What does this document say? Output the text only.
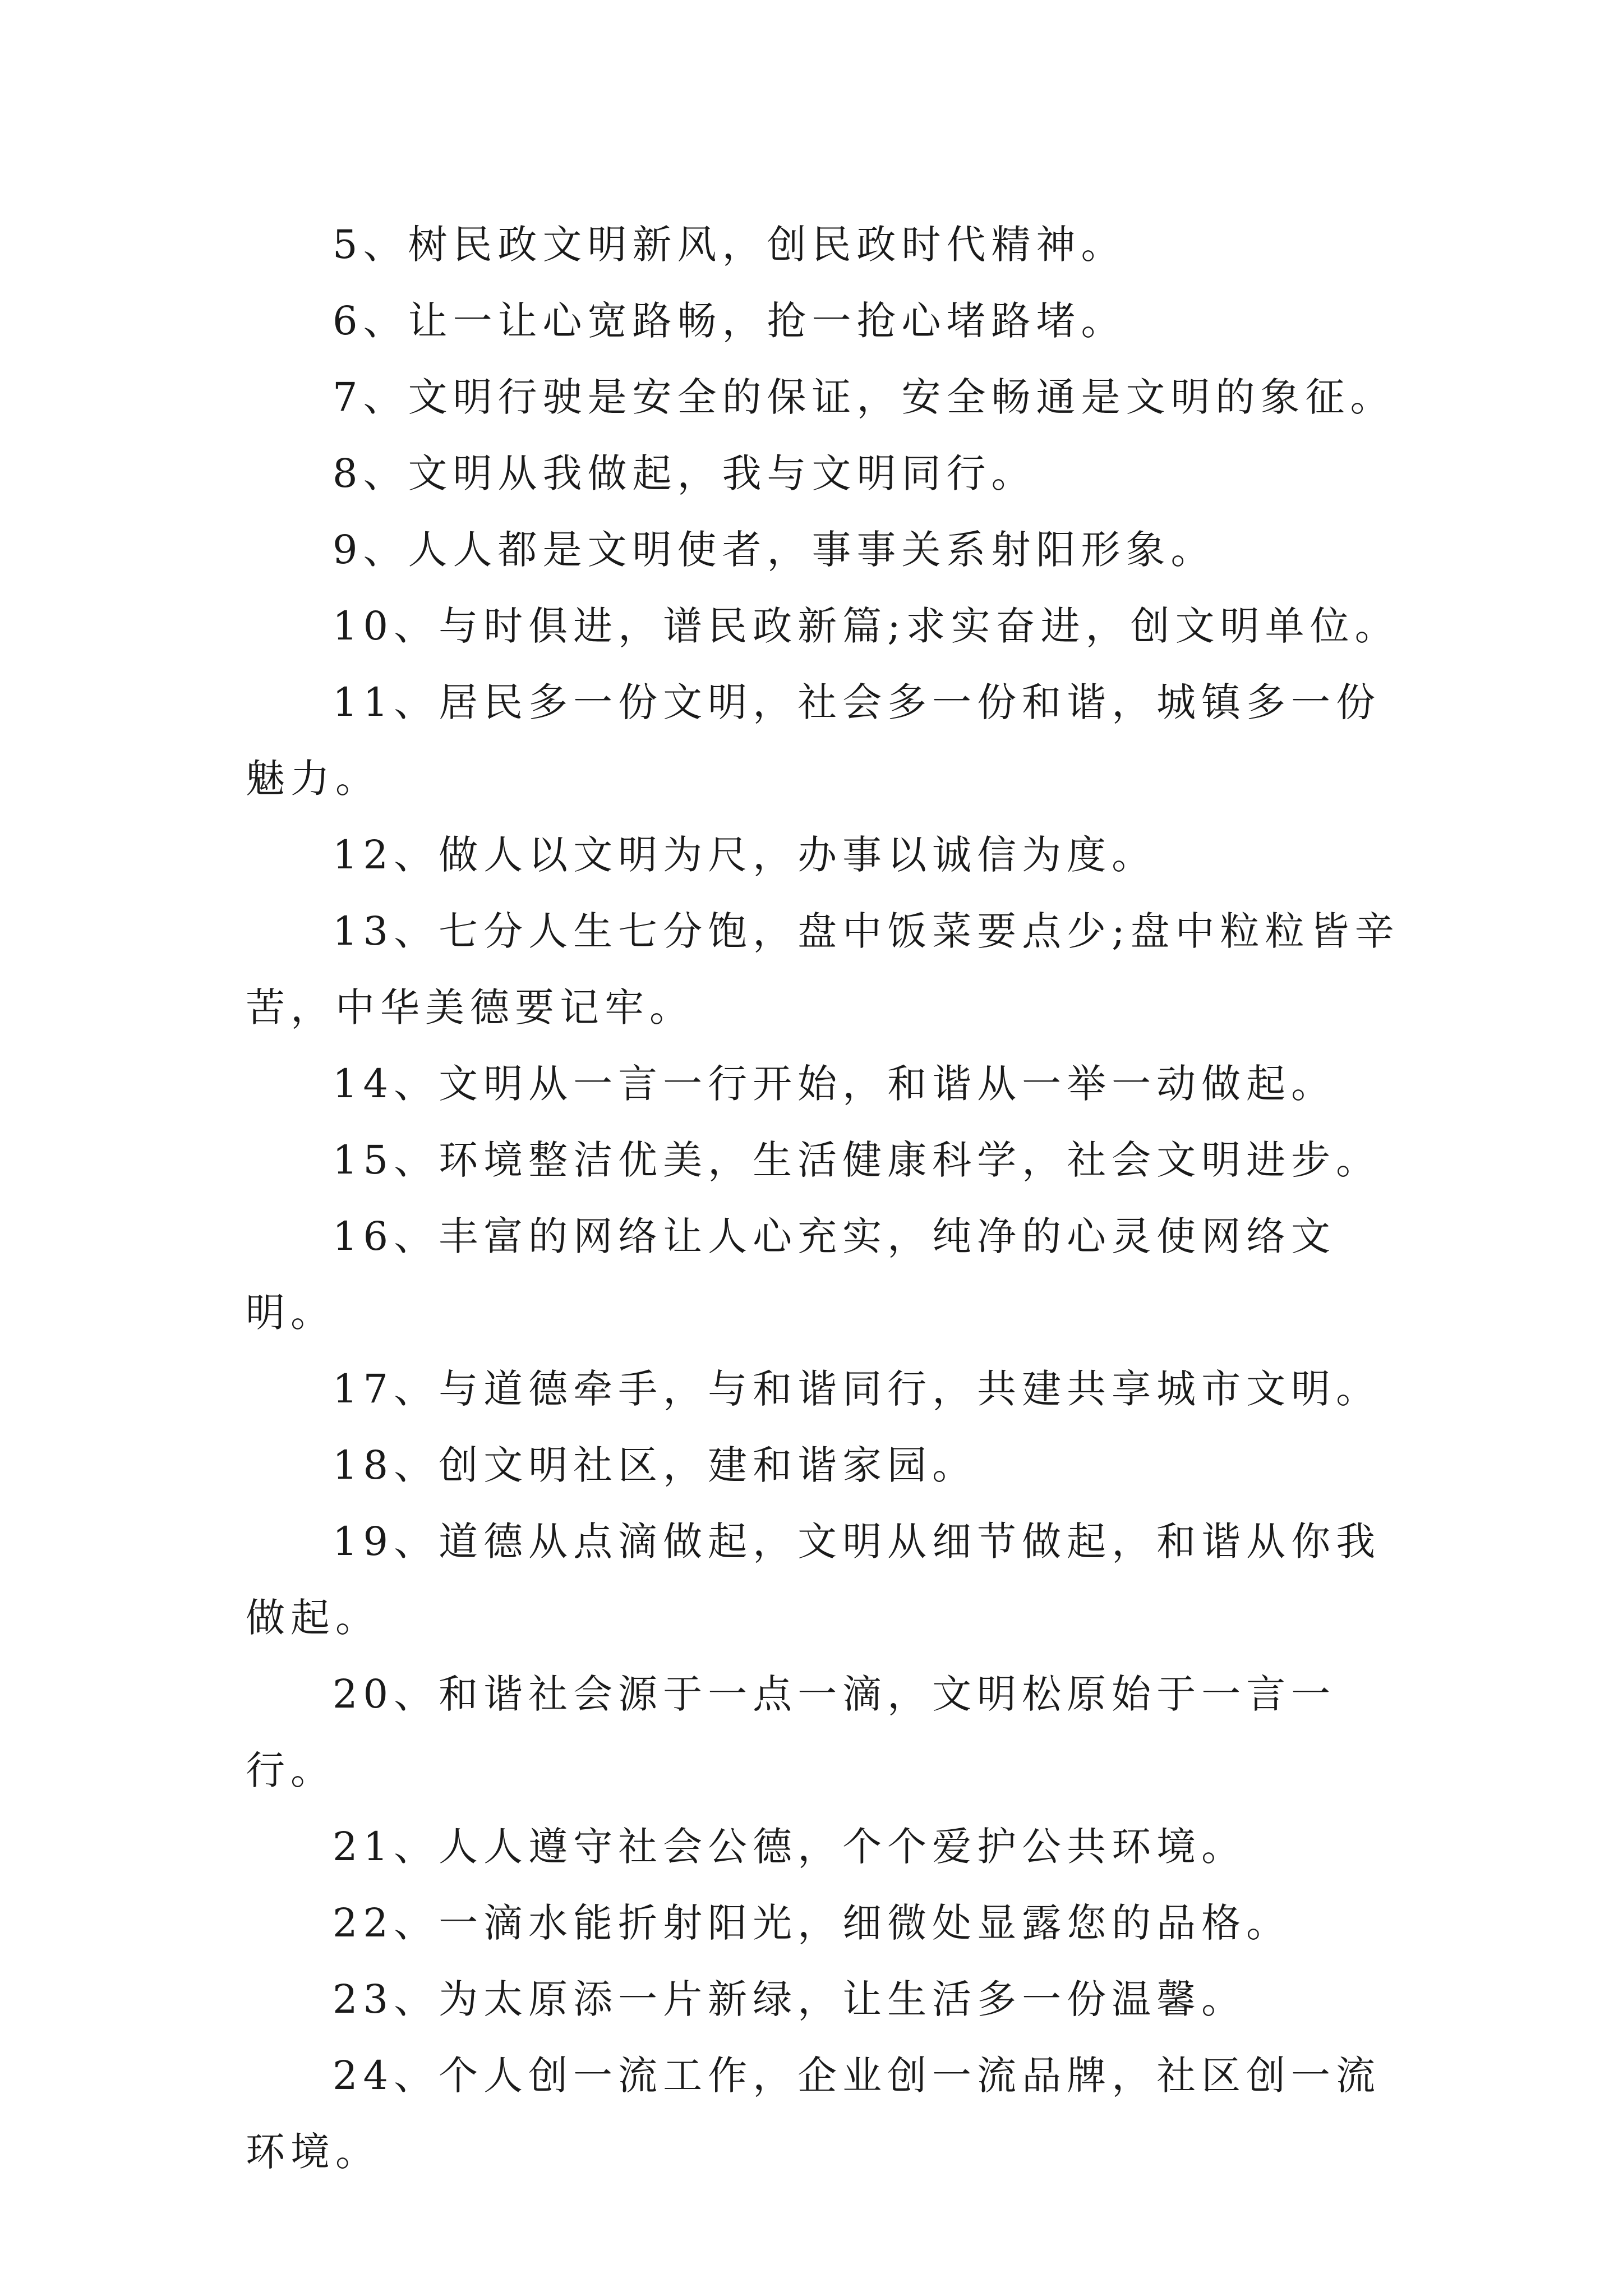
5、树民政文明新风，创民政时代精神。

6、让一让心宽路畅，抢一抢心堵路堵。

7、文明行驶是安全的保证，安全畅通是文明的象征。

8、文明从我做起，我与文明同行。

9、人人都是文明使者，事事关系射阳形象。

10、与时俱进，谱民政新篇;求实奋进，创文明单位。

11、居民多一份文明，社会多一份和谐，城镇多一份魅力。

12、做人以文明为尺，办事以诚信为度。

13、七分人生七分饱，盘中饭菜要点少;盘中粒粒皆辛苦，中华美德要记牢。

14、文明从一言一行开始，和谐从一举一动做起。

15、环境整洁优美，生活健康科学，社会文明进步。

16、丰富的网络让人心充实，纯净的心灵使网络文明。

17、与道德牵手，与和谐同行，共建共享城市文明。

18、创文明社区，建和谐家园。

19、道德从点滴做起，文明从细节做起，和谐从你我做起。

20、和谐社会源于一点一滴，文明松原始于一言一行。

21、人人遵守社会公德，个个爱护公共环境。

22、一滴水能折射阳光，细微处显露您的品格。

23、为太原添一片新绿，让生活多一份温馨。

24、个人创一流工作，企业创一流品牌，社区创一流环境。
